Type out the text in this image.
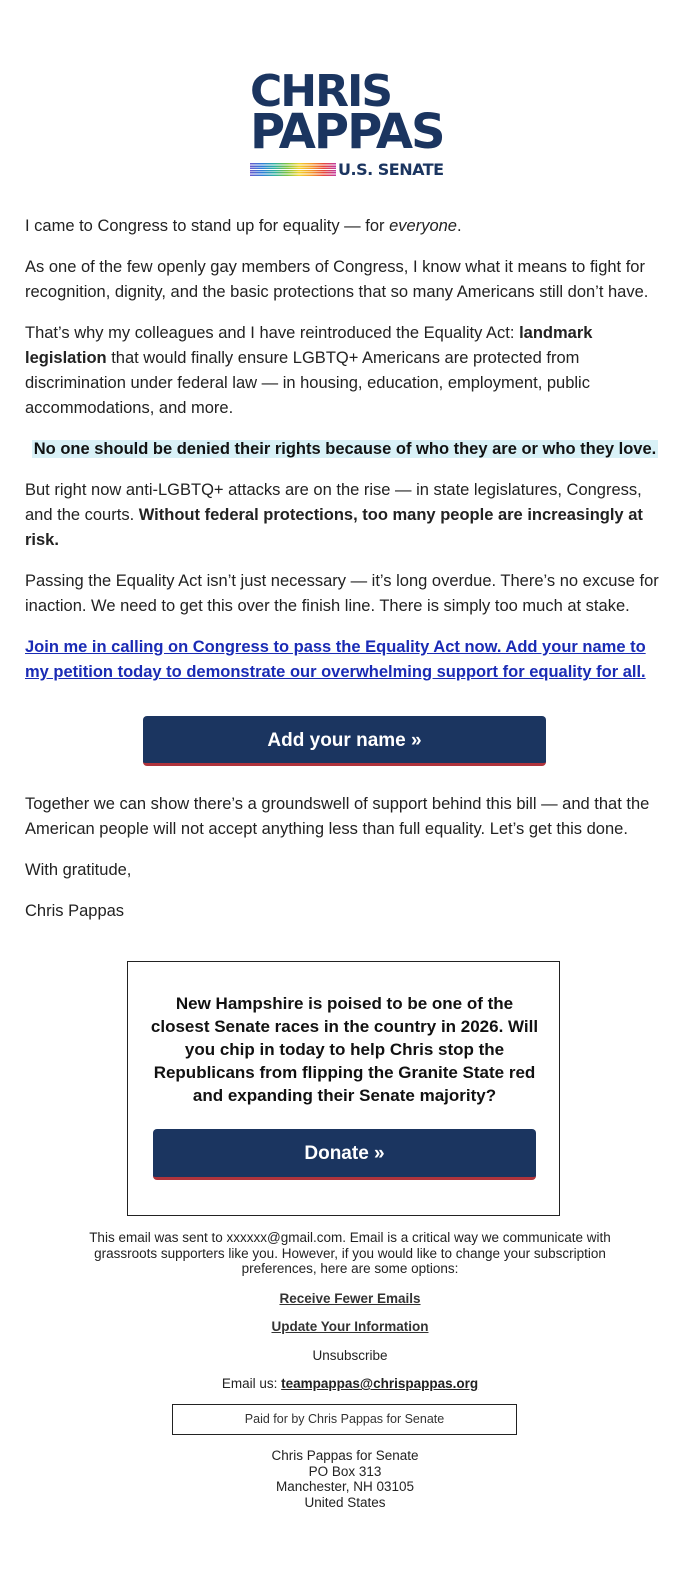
CHRIS
PAPPAS
U.S. SENATE

I came to Congress to stand up for equality — for everyone.

As one of the few openly gay members of Congress, I know what it means to fight for recognition, dignity, and the basic protections that so many Americans still don’t have.

That’s why my colleagues and I have reintroduced the Equality Act: landmark legislation that would finally ensure LGBTQ+ Americans are protected from discrimination under federal law — in housing, education, employment, public accommodations, and more.

No one should be denied their rights because of who they are or who they love.

But right now anti-LGBTQ+ attacks are on the rise — in state legislatures, Congress, and the courts. Without federal protections, too many people are increasingly at risk.

Passing the Equality Act isn’t just necessary — it’s long overdue. There’s no excuse for inaction. We need to get this over the finish line. There is simply too much at stake.

Join me in calling on Congress to pass the Equality Act now. Add your name to my petition today to demonstrate our overwhelming support for equality for all.

Add your name »

Together we can show there’s a groundswell of support behind this bill — and that the American people will not accept anything less than full equality. Let’s get this done.

With gratitude,

Chris Pappas

New Hampshire is poised to be one of the closest Senate races in the country in 2026. Will you chip in today to help Chris stop the Republicans from flipping the Granite State red and expanding their Senate majority?
Donate »

This email was sent to xxxxxx@gmail.com. Email is a critical way we communicate with grassroots supporters like you. However, if you would like to change your subscription preferences, here are some options:

Receive Fewer Emails

Update Your Information

Unsubscribe

Email us: teampappas@chrispappas.org

Paid for by Chris Pappas for Senate
Chris Pappas for Senate
PO Box 313
Manchester, NH 03105
United States
